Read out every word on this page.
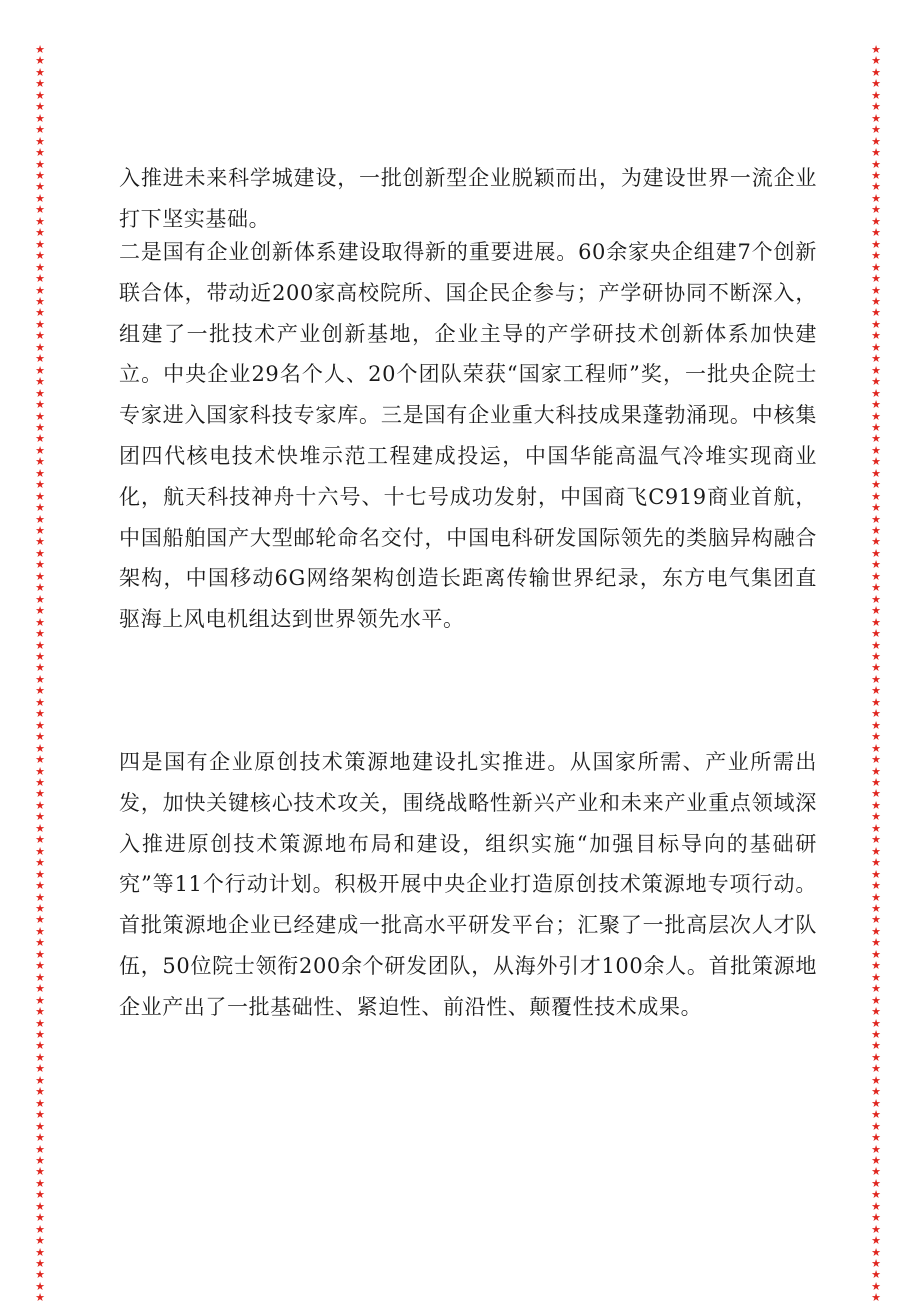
★
★
★
★
★
★
★
★
★
★
★
★
★
★
★
★
★
★
★
★
★
★
★
★
★
★
★
★
★
★
★
★
★
★
★
★
★
★
★
★
★
★
★
★
★
★
★
★
★
★
★
★
★
★
★
★
★
★
★
★
★
★
★
★
★
★
★
★
★
★
★
★
★
★
★
★
★
★
★
★
★
★
★
★
★
★
★
★
★
★
★
★
★
★
★
★
★
★
★
★
★
★
★
★
★
★
★
★
★
★
★
★
★
★
★
★
★
★
★
★
★
★
★
★
★
★
★
★
★
★
★
★
★
★
★
★
★
★
★
★
★
★
★
★
★
★
★
★
★
★
★
★
★
★
★
★
★
★
★
★
★
★
★
★
★
★
★
★
★
★
★
★
★
★
★
★
★
★
★
★
★
★
★
★
★
★
★
★
★
★
★
★
★
★
★
★
★
★
★
★
★
★
★
★
★
★
★
★
★
★
★
★
★
★
★
★
★
★
★
★

入推进未来科学城建设，一批创新型企业脱颖而出，为建设世界一流企业打下坚实基础。

二是国有企业创新体系建设取得新的重要进展。60余家央企组建7个创新联合体，带动近200家高校院所、国企民企参与；产学研协同不断深入，组建了一批技术产业创新基地，企业主导的产学研技术创新体系加快建立。中央企业29名个人、20个团队荣获“国家工程师”奖，一批央企院士专家进入国家科技专家库。三是国有企业重大科技成果蓬勃涌现。中核集团四代核电技术快堆示范工程建成投运，中国华能高温气冷堆实现商业化，航天科技神舟十六号、十七号成功发射，中国商飞C919商业首航，中国船舶国产大型邮轮命名交付，中国电科研发国际领先的类脑异构融合架构，中国移动6G网络架构创造长距离传输世界纪录，东方电气集团直驱海上风电机组达到世界领先水平。

四是国有企业原创技术策源地建设扎实推进。从国家所需、产业所需出发，加快关键核心技术攻关，围绕战略性新兴产业和未来产业重点领域深入推进原创技术策源地布局和建设，组织实施“加强目标导向的基础研究”等11个行动计划。积极开展中央企业打造原创技术策源地专项行动。首批策源地企业已经建成一批高水平研发平台；汇聚了一批高层次人才队伍，50位院士领衔200余个研发团队，从海外引才100余人。首批策源地企业产出了一批基础性、紧迫性、前沿性、颠覆性技术成果。
